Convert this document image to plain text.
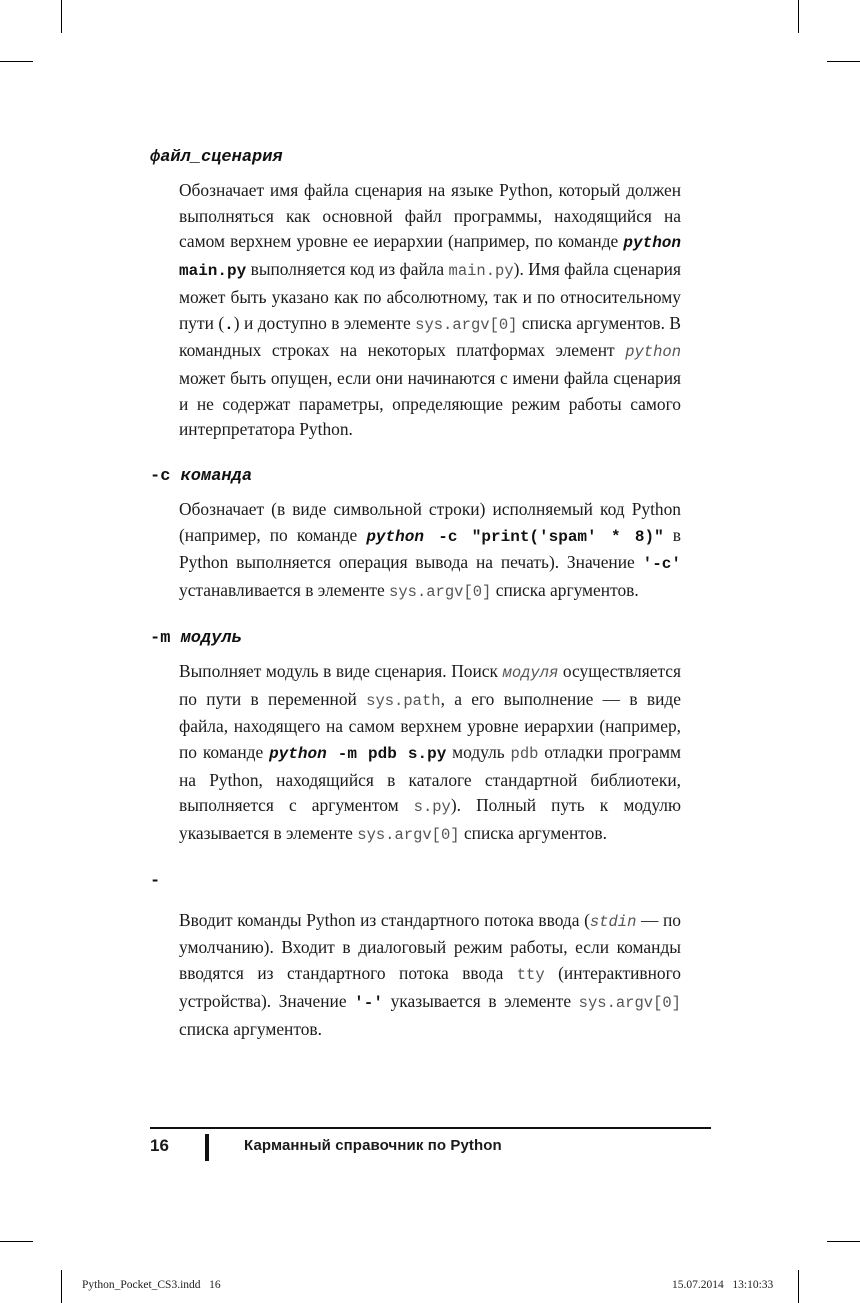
файл_сценария

Обозначает имя файла сценария на языке Python, который должен выполняться как основной файл программы, находящийся на самом верхнем уровне ее иерархии (например, по команде python main.py выполняется код из файла main.py). Имя файла сценария может быть указано как по абсолютному, так и по относительному пути (.) и доступно в элементе sys.argv[0] списка аргументов. В командных строках на некоторых платформах элемент python может быть опущен, если они начинаются с имени файла сценария и не содержат параметры, определяющие режим работы самого интерпретатора Python.

-c команда

Обозначает (в виде символьной строки) исполняемый код Python (например, по команде python -c "print('spam' * 8)" в Python выполняется операция вывода на печать). Значение '-c' устанавливается в элементе sys.argv[0] списка аргументов.

-m модуль

Выполняет модуль в виде сценария. Поиск модуля осуществляется по пути в переменной sys.path, а его выполнение — в виде файла, находящего на самом верхнем уровне иерархии (например, по команде python -m pdb s.py модуль pdb отладки программ на Python, находящийся в каталоге стандартной библиотеки, выполняется с аргументом s.py). Полный путь к модулю указывается в элементе sys.argv[0] списка аргументов.

-

Вводит команды Python из стандартного потока ввода (stdin — по умолчанию). Входит в диалоговый режим работы, если команды вводятся из стандартного потока ввода tty (интерактивного устройства). Значение '-' указывается в элементе sys.argv[0] списка аргументов.
16	Карманный справочник по Python
Python_Pocket_CS3.indd   16	15.07.2014   13:10:33
